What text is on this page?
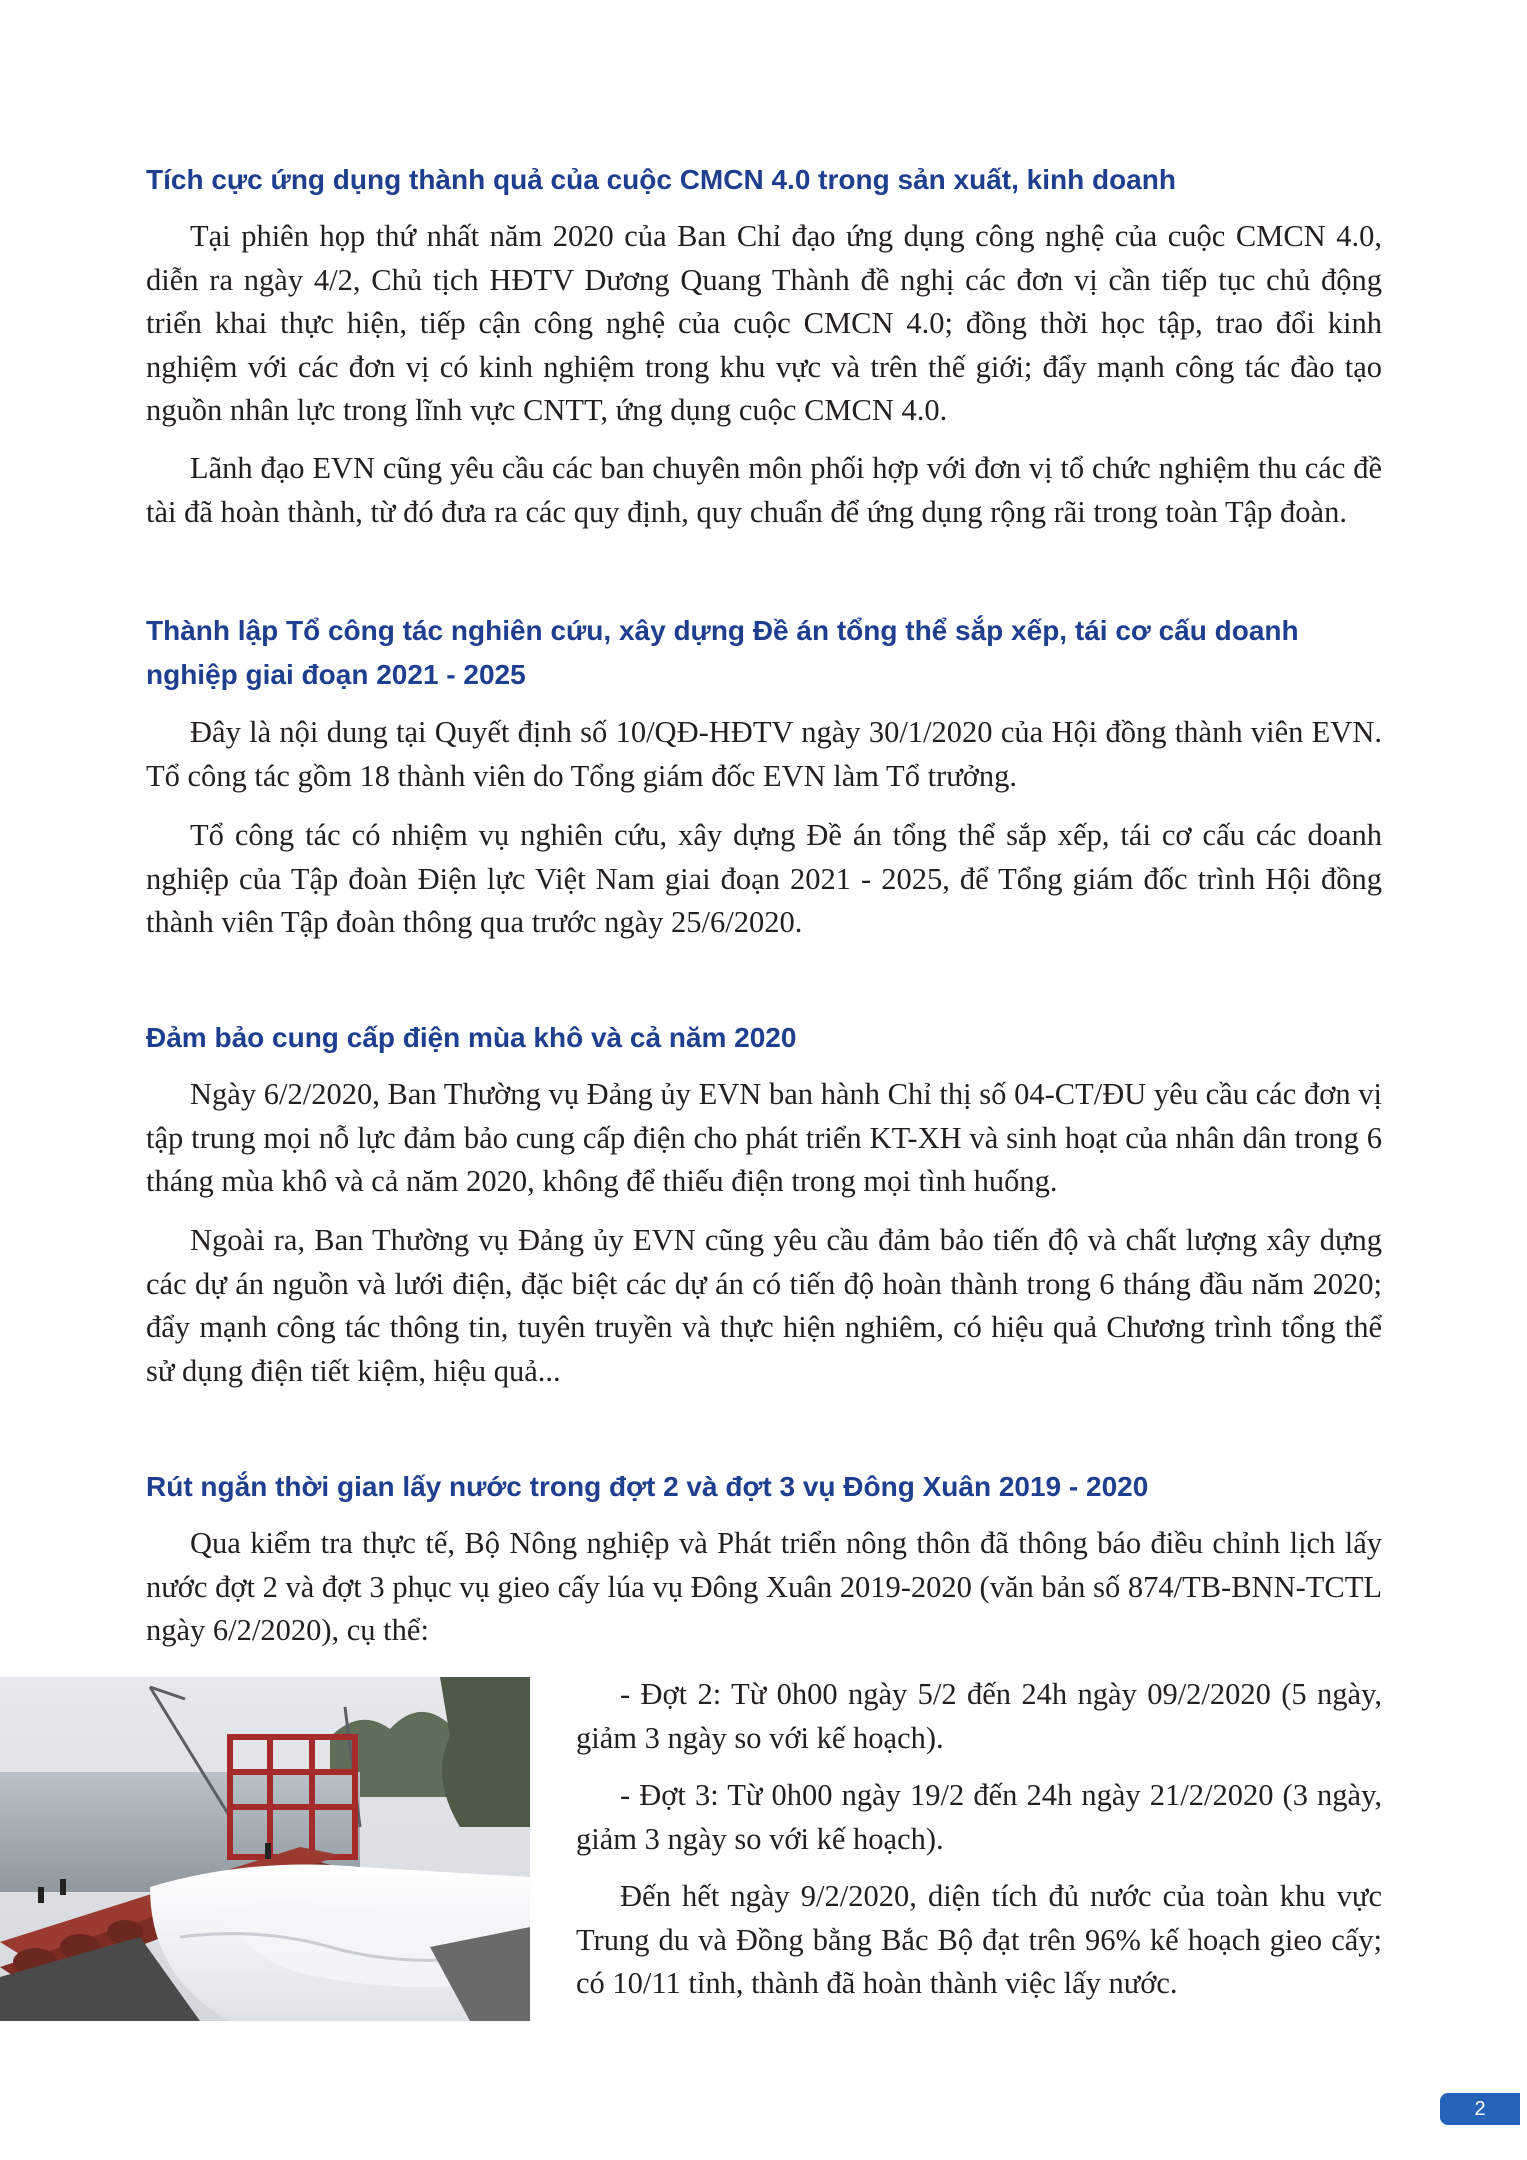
Tích cực ứng dụng thành quả của cuộc CMCN 4.0 trong sản xuất, kinh doanh

Tại phiên họp thứ nhất năm 2020 của Ban Chỉ đạo ứng dụng công nghệ của cuộc CMCN 4.0, diễn ra ngày 4/2, Chủ tịch HĐTV Dương Quang Thành đề nghị các đơn vị cần tiếp tục chủ động triển khai thực hiện, tiếp cận công nghệ của cuộc CMCN 4.0; đồng thời học tập, trao đổi kinh nghiệm với các đơn vị có kinh nghiệm trong khu vực và trên thế giới; đẩy mạnh công tác đào tạo nguồn nhân lực trong lĩnh vực CNTT, ứng dụng cuộc CMCN 4.0.

Lãnh đạo EVN cũng yêu cầu các ban chuyên môn phối hợp với đơn vị tổ chức nghiệm thu các đề tài đã hoàn thành, từ đó đưa ra các quy định, quy chuẩn để ứng dụng rộng rãi trong toàn Tập đoàn.

Thành lập Tổ công tác nghiên cứu, xây dựng Đề án tổng thể sắp xếp, tái cơ cấu doanh nghiệp giai đoạn 2021 - 2025

Đây là nội dung tại Quyết định số 10/QĐ-HĐTV ngày 30/1/2020 của Hội đồng thành viên EVN. Tổ công tác gồm 18 thành viên do Tổng giám đốc EVN làm Tổ trưởng.

Tổ công tác có nhiệm vụ nghiên cứu, xây dựng Đề án tổng thể sắp xếp, tái cơ cấu các doanh nghiệp của Tập đoàn Điện lực Việt Nam giai đoạn 2021 - 2025, để Tổng giám đốc trình Hội đồng thành viên Tập đoàn thông qua trước ngày 25/6/2020.

Đảm bảo cung cấp điện mùa khô và cả năm 2020

Ngày 6/2/2020, Ban Thường vụ Đảng ủy EVN ban hành Chỉ thị số 04-CT/ĐU yêu cầu các đơn vị tập trung mọi nỗ lực đảm bảo cung cấp điện cho phát triển KT-XH và sinh hoạt của nhân dân trong 6 tháng mùa khô và cả năm 2020, không để thiếu điện trong mọi tình huống.

Ngoài ra, Ban Thường vụ Đảng ủy EVN cũng yêu cầu đảm bảo tiến độ và chất lượng xây dựng các dự án nguồn và lưới điện, đặc biệt các dự án có tiến độ hoàn thành trong 6 tháng đầu năm 2020; đẩy mạnh công tác thông tin, tuyên truyền và thực hiện nghiêm, có hiệu quả Chương trình tổng thể sử dụng điện tiết kiệm, hiệu quả...

Rút ngắn thời gian lấy nước trong đợt 2 và đợt 3 vụ Đông Xuân 2019 - 2020

Qua kiểm tra thực tế, Bộ Nông nghiệp và Phát triển nông thôn đã thông báo điều chỉnh lịch lấy nước đợt 2 và đợt 3 phục vụ gieo cấy lúa vụ Đông Xuân 2019-2020 (văn bản số 874/TB-BNN-TCTL ngày 6/2/2020), cụ thể:

- Đợt 2: Từ 0h00 ngày 5/2 đến 24h ngày 09/2/2020 (5 ngày, giảm 3 ngày so với kế hoạch).

- Đợt 3: Từ 0h00 ngày 19/2 đến 24h ngày 21/2/2020 (3 ngày, giảm 3 ngày so với kế hoạch).

Đến hết ngày 9/2/2020, diện tích đủ nước của toàn khu vực Trung du và Đồng bằng Bắc Bộ đạt trên 96% kế hoạch gieo cấy; có 10/11 tỉnh, thành đã hoàn thành việc lấy nước.

2
